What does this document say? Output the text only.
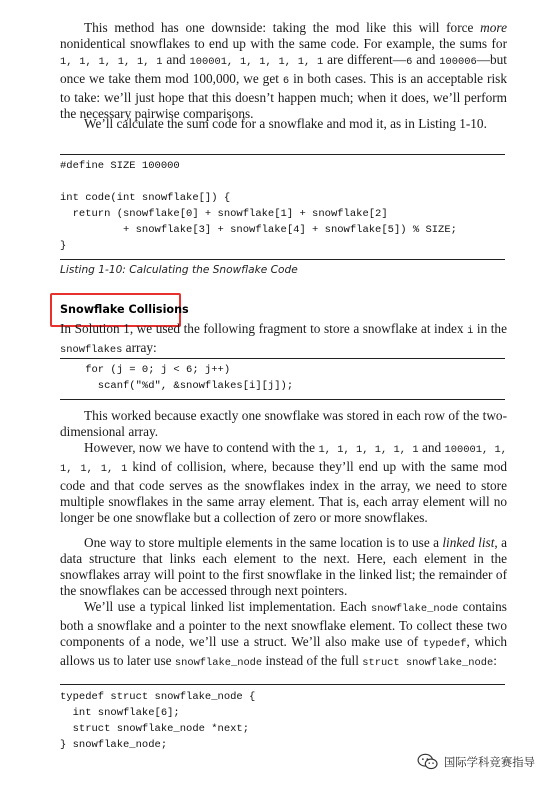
This method has one downside: taking the mod like this will force more nonidentical snowflakes to end up with the same code. For example, the sums for 1, 1, 1, 1, 1, 1 and 100001, 1, 1, 1, 1, 1 are different—6 and 100006—but once we take them mod 100,000, we get 6 in both cases. This is an acceptable risk to take: we’ll just hope that this doesn’t happen much; when it does, we’ll perform the necessary pairwise comparisons.

We’ll calculate the sum code for a snowflake and mod it, as in Listing 1-10.

#define SIZE 100000

int code(int snowflake[]) {
return (snowflake[0] + snowflake[1] + snowflake[2]
+ snowflake[3] + snowflake[4] + snowflake[5]) % SIZE;
}
Listing 1-10: Calculating the Snowflake Code
Snowflake Collisions

In Solution 1, we used the following fragment to store a snowflake at index i in the snowflakes array:

for (j = 0; j < 6; j++)
scanf("%d", &snowflakes[i][j]);

This worked because exactly one snowflake was stored in each row of the two-dimensional array.

However, now we have to contend with the 1, 1, 1, 1, 1, 1 and 100001, 1, 1, 1, 1, 1 kind of collision, where, because they’ll end up with the same mod code and that code serves as the snowflakes index in the array, we need to store multiple snowflakes in the same array element. That is, each array element will no longer be one snowflake but a collection of zero or more snowflakes.

One way to store multiple elements in the same location is to use a linked list, a data structure that links each element to the next. Here, each element in the snowflakes array will point to the first snowflake in the linked list; the remainder of the snowflakes can be accessed through next pointers.

We’ll use a typical linked list implementation. Each snowflake_node contains both a snowflake and a pointer to the next snowflake element. To collect these two components of a node, we’ll use a struct. We’ll also make use of typedef, which allows us to later use snowflake_node instead of the full struct snowflake_node:

typedef struct snowflake_node {
int snowflake[6];
struct snowflake_node *next;
} snowflake_node;
国际学科竞赛指导
